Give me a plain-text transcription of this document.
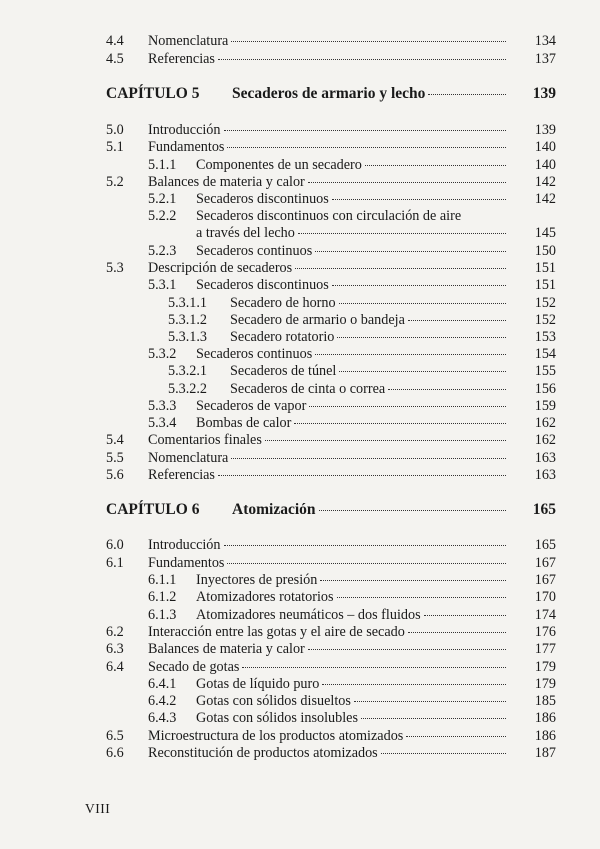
4.4 Nomenclatura	134
4.5 Referencias	137
CAPÍTULO 5 Secaderos de armario y lecho	139
5.0 Introducción	139
5.1 Fundamentos	140
5.1.1 Componentes de un secadero	140
5.2 Balances de materia y calor	142
5.2.1 Secaderos discontinuos	142
5.2.2 Secaderos discontinuos con circulación de aire
a través del lecho	145
5.2.3 Secaderos continuos	150
5.3 Descripción de secaderos	151
5.3.1 Secaderos discontinuos	151
5.3.1.1 Secadero de horno	152
5.3.1.2 Secadero de armario o bandeja	152
5.3.1.3 Secadero rotatorio	153
5.3.2 Secaderos continuos	154
5.3.2.1 Secaderos de túnel	155
5.3.2.2 Secaderos de cinta o correa	156
5.3.3 Secaderos de vapor	159
5.3.4 Bombas de calor	162
5.4 Comentarios finales	162
5.5 Nomenclatura	163
5.6 Referencias	163
CAPÍTULO 6 Atomización	165
6.0 Introducción	165
6.1 Fundamentos	167
6.1.1 Inyectores de presión	167
6.1.2 Atomizadores rotatorios	170
6.1.3 Atomizadores neumáticos – dos fluidos	174
6.2 Interacción entre las gotas y el aire de secado	176
6.3 Balances de materia y calor	177
6.4 Secado de gotas	179
6.4.1 Gotas de líquido puro	179
6.4.2 Gotas con sólidos disueltos	185
6.4.3 Gotas con sólidos insolubles	186
6.5 Microestructura de los productos atomizados	186
6.6 Reconstitución de productos atomizados	187
VIII
